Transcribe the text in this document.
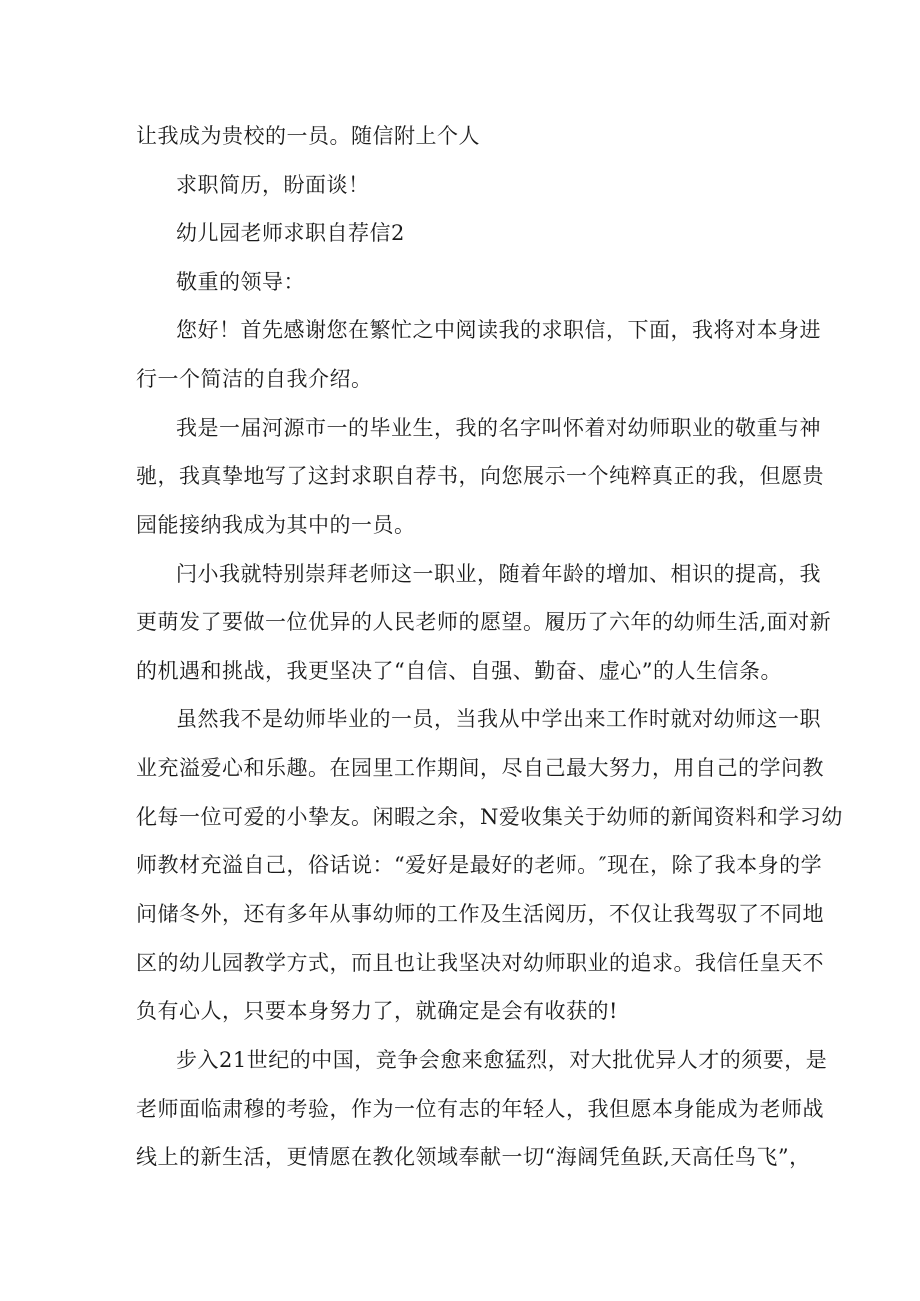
让我成为贵校的一员。随信附上个人
求职简历，盼面谈！
幼儿园老师求职自荐信2
敬重的领导：
您好！首先感谢您在繁忙之中阅读我的求职信，下面，我将对本身进
行一个简洁的自我介绍。
我是一届河源市一的毕业生，我的名字叫怀着对幼师职业的敬重与神
驰，我真挚地写了这封求职自荐书，向您展示一个纯粹真正的我，但愿贵
园能接纳我成为其中的一员。
闩小我就特别崇拜老师这一职业，随着年龄的增加、相识的提高，我
更萌发了要做一位优异的人民老师的愿望。履历了六年的幼师生活,面对新
的机遇和挑战，我更坚决了“自信、自强、勤奋、虚心”的人生信条。
虽然我不是幼师毕业的一员，当我从中学出来工作时就对幼师这一职
业充溢爱心和乐趣。在园里工作期间，尽自己最大努力，用自己的学问教
化每一位可爱的小挚友。闲暇之余，N爱收集关于幼师的新闻资料和学习幼
师教材充溢自己，俗话说：“爱好是最好的老师。″现在，除了我本身的学
问储冬外，还有多年从事幼师的工作及生活阅历，不仅让我驾驭了不同地
区的幼儿园教学方式，而且也让我坚决对幼师职业的追求。我信任皇天不
负有心人，只要本身努力了，就确定是会有收获的!
步入21世纪的中国，竞争会愈来愈猛烈，对大批优异人才的须要，是
老师面临肃穆的考验，作为一位有志的年轻人，我但愿本身能成为老师战
线上的新生活，更情愿在教化领域奉献一切“海阔凭鱼跃,天高任鸟飞”，
